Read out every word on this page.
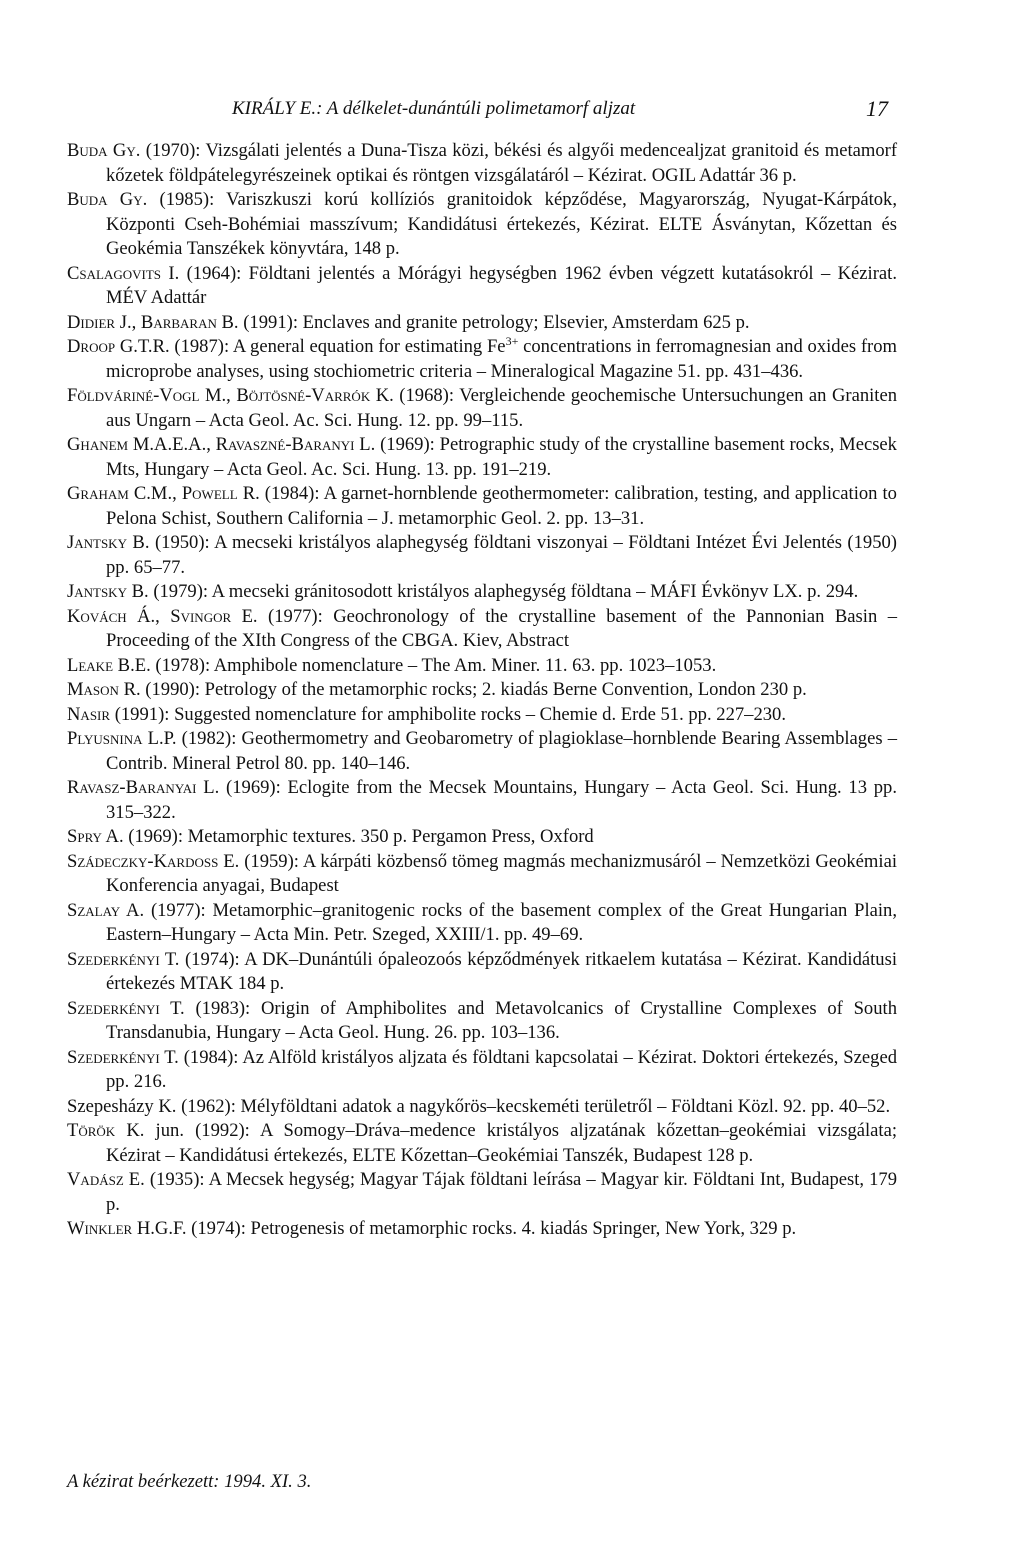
KIRÁLY E.: A délkelet-dunántúli polimetamorf aljzat	17

Buda Gy. (1970): Vizsgálati jelentés a Duna-Tisza közi, békési és algyői medencealjzat granitoid és metamorf kőzetek földpátelegyrészeinek optikai és röntgen vizsgálatáról – Kézirat. OGIL Adattár 36 p.

Buda Gy. (1985): Variszkuszi korú kollíziós granitoidok képződése, Magyarország, Nyugat-Kárpátok, Központi Cseh-Bohémiai masszívum; Kandidátusi értekezés, Kézirat. ELTE Ásványtan, Kőzettan és Geokémia Tanszékek könyvtára, 148 p.

Csalagovits I. (1964): Földtani jelentés a Mórágyi hegységben 1962 évben végzett kutatásokról – Kézirat. MÉV Adattár

Didier J., Barbaran B. (1991): Enclaves and granite petrology; Elsevier, Amsterdam 625 p.

Droop G.T.R. (1987): A general equation for estimating $Fe^{3+}$ concentrations in ferromagnesian and oxides from microprobe analyses, using stochiometric criteria – Mineralogical Magazine 51. pp. 431–436.

Földváriné-Vogl M., Böjtösné-Varrók K. (1968): Vergleichende geochemische Untersuchungen an Graniten aus Ungarn – Acta Geol. Ac. Sci. Hung. 12. pp. 99–115.

Ghanem M.A.E.A., Ravaszné-Baranyi L. (1969): Petrographic study of the crystalline basement rocks, Mecsek Mts, Hungary – Acta Geol. Ac. Sci. Hung. 13. pp. 191–219.

Graham C.M., Powell R. (1984): A garnet-hornblende geothermometer: calibration, testing, and application to Pelona Schist, Southern California – J. metamorphic Geol. 2. pp. 13–31.

Jantsky B. (1950): A mecseki kristályos alaphegység földtani viszonyai – Földtani Intézet Évi Jelentés (1950) pp. 65–77.

Jantsky B. (1979): A mecseki gránitosodott kristályos alaphegység földtana – MÁFI Évkönyv LX. p. 294.

Kovách Á., Svingor E. (1977): Geochronology of the crystalline basement of the Pannonian Basin – Proceeding of the XIth Congress of the CBGA. Kiev, Abstract

Leake B.E. (1978): Amphibole nomenclature – The Am. Miner. 11. 63. pp. 1023–1053.

Mason R. (1990): Petrology of the metamorphic rocks; 2. kiadás Berne Convention, London 230 p.

Nasir (1991): Suggested nomenclature for amphibolite rocks – Chemie d. Erde 51. pp. 227–230.

Plyusnina L.P. (1982): Geothermometry and Geobarometry of plagioklase–hornblende Bearing Assemblages – Contrib. Mineral Petrol 80. pp. 140–146.

Ravasz-Baranyai L. (1969): Eclogite from the Mecsek Mountains, Hungary – Acta Geol. Sci. Hung. 13 pp. 315–322.

Spry A. (1969): Metamorphic textures. 350 p. Pergamon Press, Oxford

Szádeczky-Kardoss E. (1959): A kárpáti közbenső tömeg magmás mechanizmusáról – Nemzetközi Geokémiai Konferencia anyagai, Budapest

Szalay A. (1977): Metamorphic–granitogenic rocks of the basement complex of the Great Hungarian Plain, Eastern–Hungary – Acta Min. Petr. Szeged, XXIII/1. pp. 49–69.

Szederkényi T. (1974): A DK–Dunántúli ópaleozoós képződmények ritkaelem kutatása – Kézirat. Kandidátusi értekezés MTAK 184 p.

Szederkényi T. (1983): Origin of Amphibolites and Metavolcanics of Crystalline Complexes of South Transdanubia, Hungary – Acta Geol. Hung. 26. pp. 103–136.

Szederkényi T. (1984): Az Alföld kristályos aljzata és földtani kapcsolatai – Kézirat. Doktori értekezés, Szeged pp. 216.

Szepesházy K. (1962): Mélyföldtani adatok a nagykőrös–kecskeméti területről – Földtani Közl. 92. pp. 40–52.

Török K. jun. (1992): A Somogy–Dráva–medence kristályos aljzatának kőzettan–geokémiai vizsgálata; Kézirat – Kandidátusi értekezés, ELTE Kőzettan–Geokémiai Tanszék, Budapest 128 p.

Vadász E. (1935): A Mecsek hegység; Magyar Tájak földtani leírása – Magyar kir. Földtani Int, Budapest, 179 p.

Winkler H.G.F. (1974): Petrogenesis of metamorphic rocks. 4. kiadás Springer, New York, 329 p.

A kézirat beérkezett: 1994. XI. 3.
